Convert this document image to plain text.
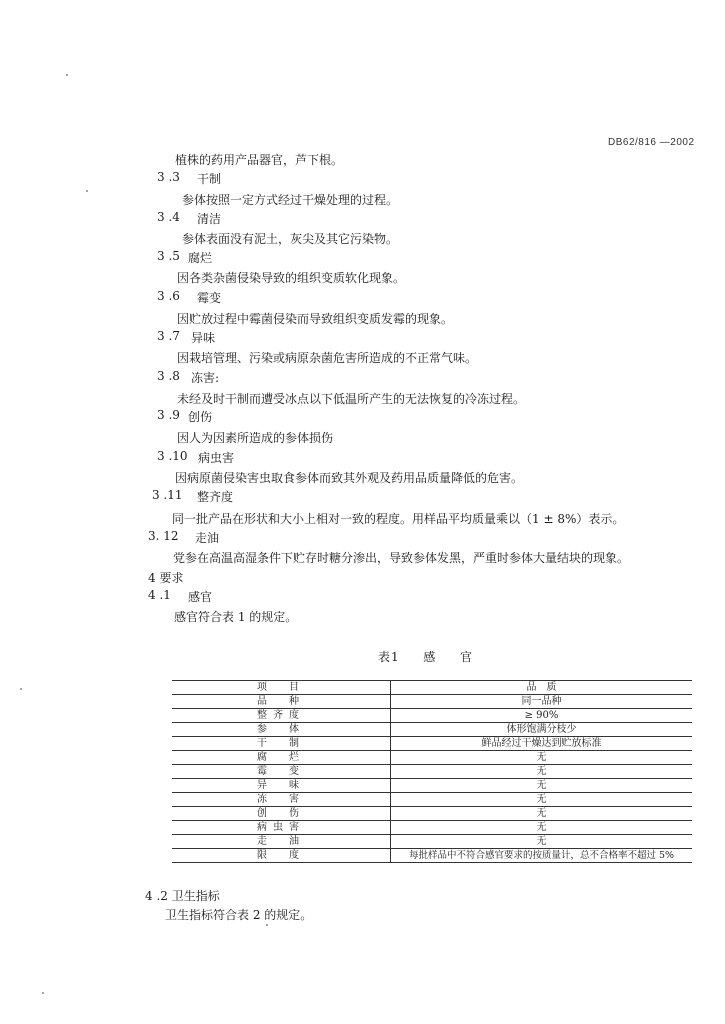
DB62/816 —2002
植株的药用产品器官，芦下根。
3 .3 干制
参体按照一定方式经过干燥处理的过程。
3 .4 清洁
参体表面没有泥土，灰尖及其它污染物。
3 .5 腐烂
因各类杂菌侵染导致的组织变质软化现象。
3 .6 霉变
因贮放过程中霉菌侵染而导致组织变质发霉的现象。
3 .7 异味
因栽培管理、污染或病原杂菌危害所造成的不正常气味。
3 .8 冻害:
未经及时干制而遭受冰点以下低温所产生的无法恢复的冷冻过程。
3 .9 创伤
因人为因素所造成的参体损伤
3 .10 病虫害
因病原菌侵染害虫取食参体而致其外观及药用品质量降低的危害。
3 .11 整齐度
同一批产品在形状和大小上相对一致的程度。用样品平均质量乘以（1 ± 8%）表示。
3. 12 走油
党参在高温高湿条件下贮存时糖分渗出，导致参体发黑，严重时参体大量结块的现象。
4 要求
4 .1 感官
感官符合表 1 的规定。
表1 感 官
项　目	品　质
品　种	同一品种
整齐度	≥ 90%
参　体	体形饱满分枝少
干　制	鲜品经过干燥达到贮放标准
腐　烂	无
霉　变	无
异　味	无
冻　害	无
创　伤	无
病虫害	无
走　油	无
限　度	每批样品中不符合感官要求的按质量计，总不合格率不超过 5%
4 .2 卫生指标
卫生指标符合表 2 的规定。
